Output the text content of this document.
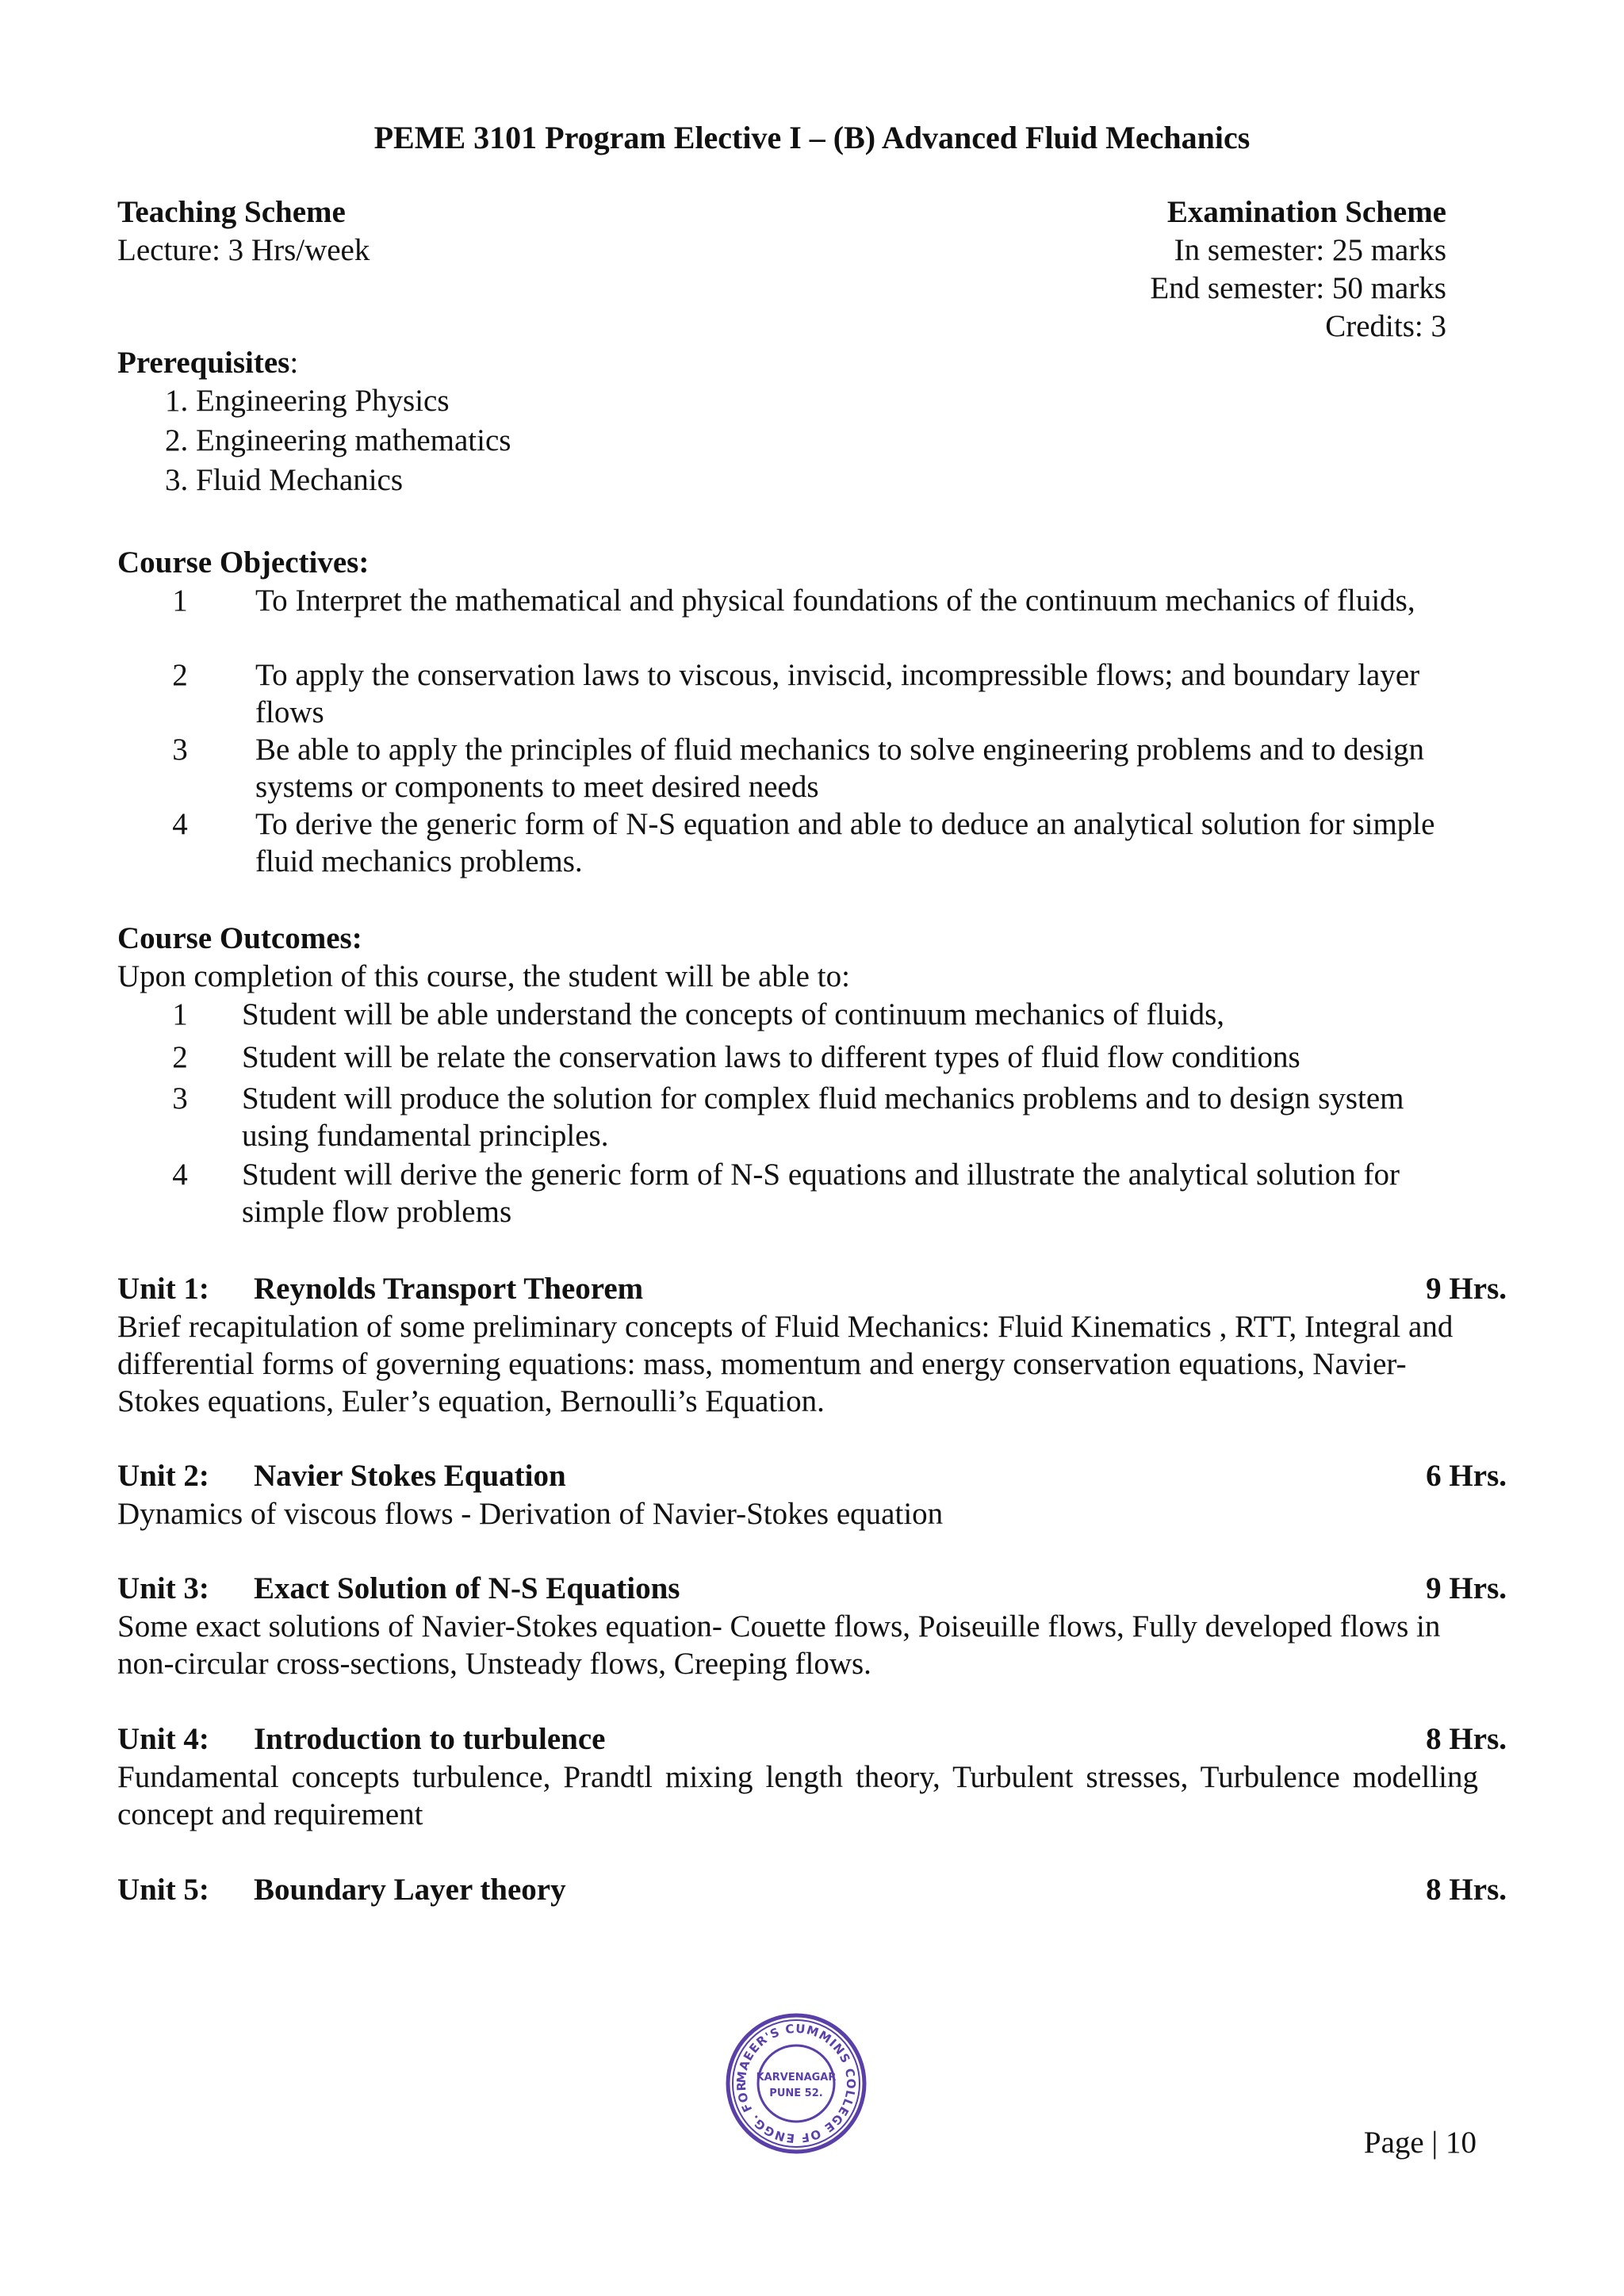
PEME 3101 Program Elective I – (B) Advanced Fluid Mechanics
Teaching Scheme
Lecture: 3 Hrs/week
Examination Scheme
In semester: 25 marks
End semester: 50 marks
Credits: 3
Prerequisites:
1. Engineering Physics
2. Engineering mathematics
3. Fluid Mechanics
Course Objectives:
1 To Interpret the mathematical and physical foundations of the continuum mechanics of fluids,
2 To apply the conservation laws to viscous, inviscid, incompressible flows; and boundary layer flows
3 Be able to apply the principles of fluid mechanics to solve engineering problems and to design systems or components to meet desired needs
4 To derive the generic form of N-S equation and able to deduce an analytical solution for simple fluid mechanics problems.
Course Outcomes:
Upon completion of this course, the student will be able to:
1 Student will be able understand the concepts of continuum mechanics of fluids,
2 Student will be relate the conservation laws to different types of fluid flow conditions
3 Student will produce the solution for complex fluid mechanics problems and to design system using fundamental principles.
4 Student will derive the generic form of N-S equations and illustrate the analytical solution for simple flow problems
Unit 1: Reynolds Transport Theorem	9 Hrs.
Brief recapitulation of some preliminary concepts of Fluid Mechanics: Fluid Kinematics , RTT, Integral and differential forms of governing equations: mass, momentum and energy conservation equations, Navier-Stokes equations, Euler’s equation, Bernoulli’s Equation.
Unit 2: Navier Stokes Equation	6 Hrs.
Dynamics of viscous flows - Derivation of Navier-Stokes equation
Unit 3: Exact Solution of N-S Equations	9 Hrs.
Some exact solutions of Navier-Stokes equation- Couette flows, Poiseuille flows, Fully developed flows in non-circular cross-sections, Unsteady flows, Creeping flows.
Unit 4: Introduction to turbulence	8 Hrs.
Fundamental concepts turbulence, Prandtl mixing length theory, Turbulent stresses, Turbulence modelling concept and requirement
Unit 5: Boundary Layer theory	8 Hrs.
MAEER'S CUMMINS COLLEGE OF ENGG. FOR
KARVENAGAR
PUNE 52.
Page | 10
